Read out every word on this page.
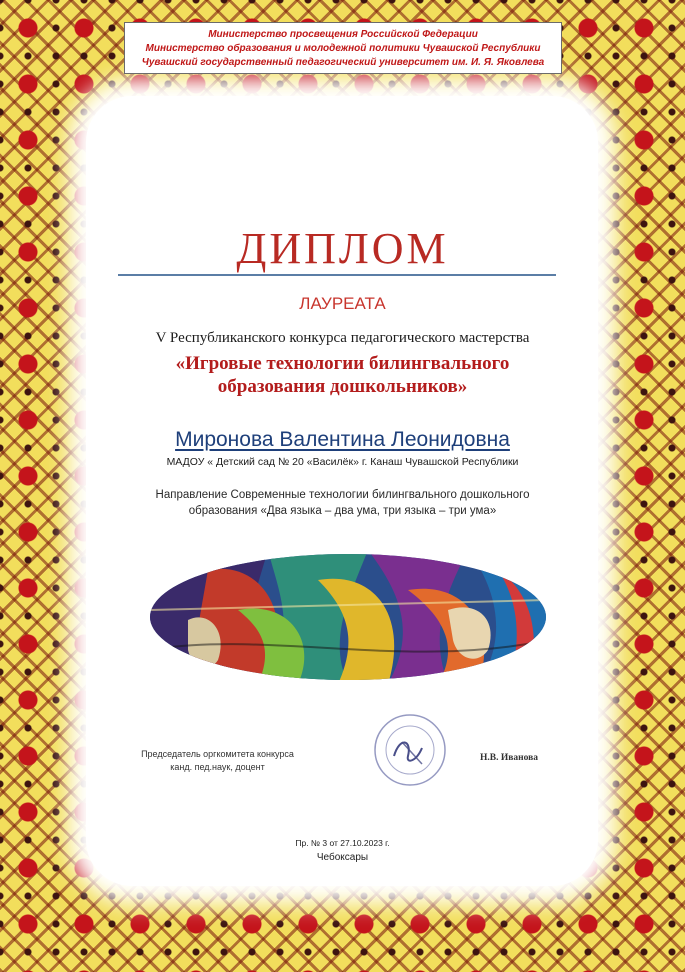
Министерство просвещения Российской Федерации
Министерство образования и молодежной политики Чувашской Республики
Чувашский государственный педагогический университет им. И. Я. Яковлева
ДИПЛОМ
ЛАУРЕАТА
V Республиканского конкурса педагогического мастерства
«Игровые технологии билингвального образования дошкольников»
Миронова Валентина Леонидовна
МАДОУ « Детский сад № 20 «Василёк» г. Канаш Чувашской Республики
Направление Современные технологии билингвального дошкольного образования «Два языка – два ума, три языка – три ума»
Председатель оргкомитета конкурса
канд. пед.наук, доцент
Н.В. Иванова
Пр. № 3 от 27.10.2023 г.
Чебоксары
